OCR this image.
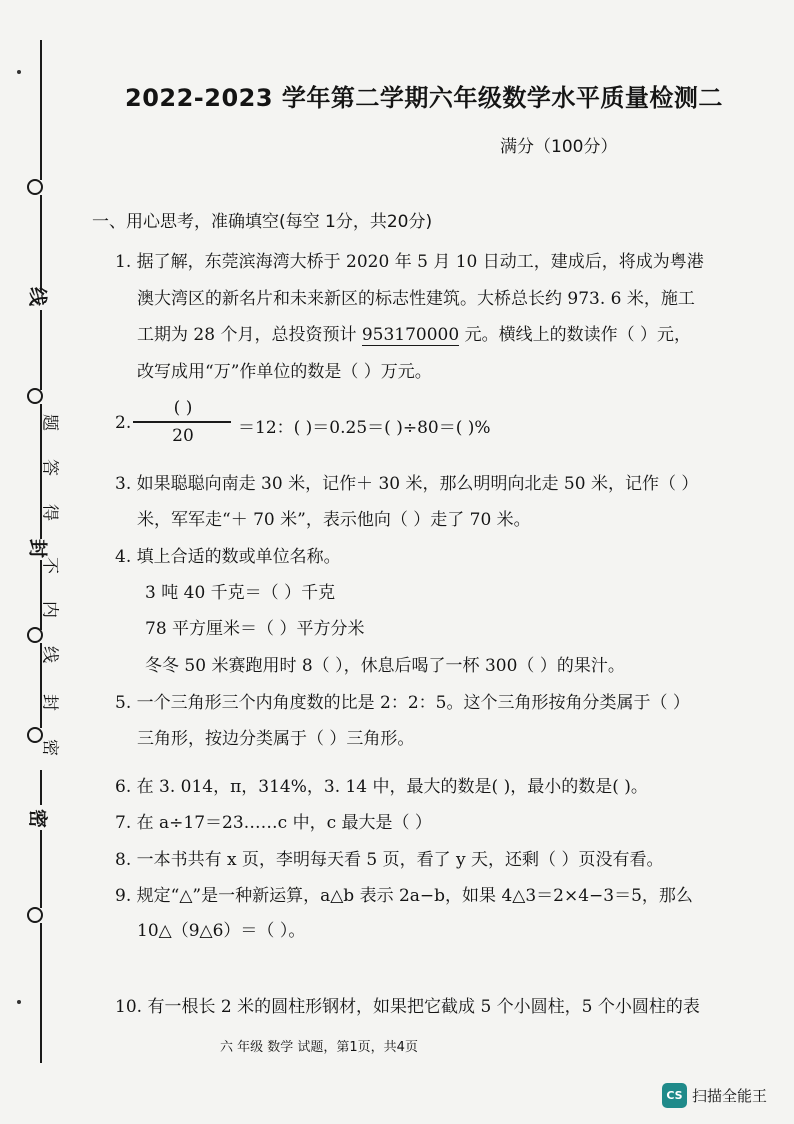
线
封
密
题
答
得
不
内
线
封
密
2022-2023 学年第二学期六年级数学水平质量检测二
满分（100分）
一、用心思考，准确填空(每空 1分，共20分)
1. 据了解，东莞滨海湾大桥于 2020 年 5 月 10 日动工，建成后，将成为粤港
澳大湾区的新名片和未来新区的标志性建筑。大桥总长约 973. 6 米，施工
工期为 28 个月，总投资预计 953170000 元。横线上的数读作（ ）元，
改写成用“万”作单位的数是（ ）万元。
2.
( )
20	＝12：( )＝0.25＝( )÷80＝( )%
3. 如果聪聪向南走 30 米，记作＋ 30 米，那么明明向北走 50 米，记作（ ）
米，军军走“＋ 70 米”，表示他向（ ）走了 70 米。
4. 填上合适的数或单位名称。
3 吨 40 千克＝（ ）千克
78 平方厘米＝（ ）平方分米
冬冬 50 米赛跑用时 8（ ），休息后喝了一杯 300（ ）的果汁。
5. 一个三角形三个内角度数的比是 2：2：5。这个三角形按角分类属于（ ）
三角形，按边分类属于（ ）三角形。
6. 在 3. 014，π，314%，3. 14 中，最大的数是( )，最小的数是( )。
7. 在 a÷17＝23……c 中，c 最大是（ ）
8. 一本书共有 x 页，李明每天看 5 页，看了 y 天，还剩（ ）页没有看。
9. 规定“△”是一种新运算，a△b 表示 2a−b，如果 4△3＝2×4−3＝5，那么
10△（9△6）＝（ ）。
10. 有一根长 2 米的圆柱形钢材，如果把它截成 5 个小圆柱，5 个小圆柱的表
六 年级 数学 试题，第1页，共4页
CS 扫描全能王
